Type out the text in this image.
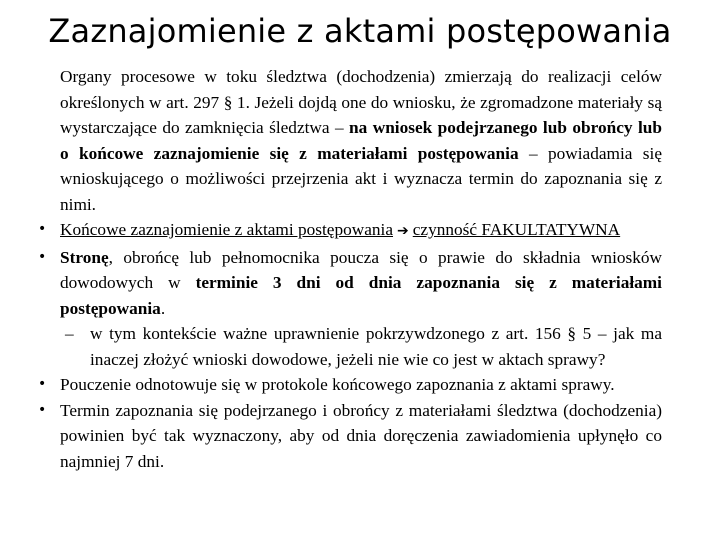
Zaznajomienie z aktami postępowania

Organy procesowe w toku śledztwa (dochodzenia) zmierzają do realizacji celów określonych w art. 297 § 1. Jeżeli dojdą one do wniosku, że zgromadzone materiały są wystarczające do zamknięcia śledztwa – na wniosek podejrzanego lub obrońcy lub o końcowe zaznajomienie się z materiałami postępowania – powiadamia się wnioskującego o możliwości przejrzenia akt i wyznacza termin do zapoznania się z nimi.

• Końcowe zaznajomienie z aktami postępowania ➔ czynność FAKULTATYWNA

• Stronę, obrońcę lub pełnomocnika poucza się o prawie do składnia wniosków dowodowych w terminie 3 dni od dnia zapoznania się z materiałami postępowania.

– w tym kontekście ważne uprawnienie pokrzywdzonego z art. 156 § 5 – jak ma inaczej złożyć wnioski dowodowe, jeżeli nie wie co jest w aktach sprawy?

• Pouczenie odnotowuje się w protokole końcowego zapoznania z aktami sprawy.

• Termin zapoznania się podejrzanego i obrońcy z materiałami śledztwa (dochodzenia) powinien być tak wyznaczony, aby od dnia doręczenia zawiadomienia upłynęło co najmniej 7 dni.
